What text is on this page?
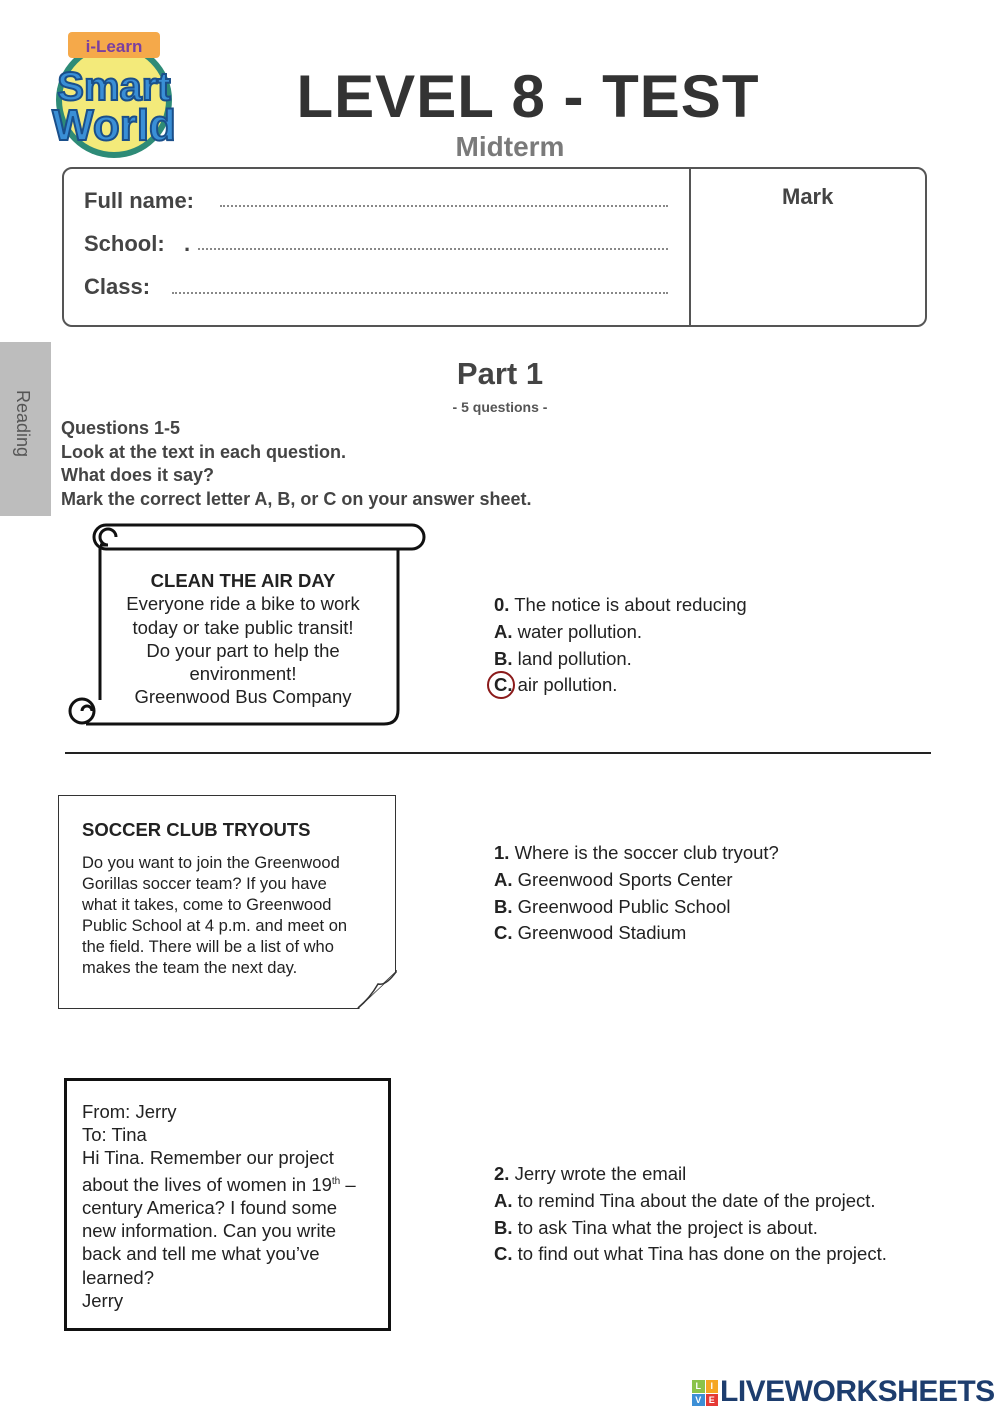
i-Learn
Smart
World	LEVEL 8 - TEST
Midterm
Full name:
School: .
Class:
Mark
Reading
Part 1
- 5 questions -
Questions 1-5
Look at the text in each question.
What does it say?
Mark the correct letter A, B, or C on your answer sheet.
CLEAN THE AIR DAY
Everyone ride a bike to work
today or take public transit!
Do your part to help the
environment!
Greenwood Bus Company
0. The notice is about reducing
A. water pollution.
B. land pollution.
C. air pollution.
SOCCER CLUB TRYOUTS
Do you want to join the Greenwood
Gorillas soccer team? If you have
what it takes, come to Greenwood
Public School at 4 p.m. and meet on
the field. There will be a list of who
makes the team the next day.
1. Where is the soccer club tryout?
A. Greenwood Sports Center
B. Greenwood Public School
C. Greenwood Stadium
From: Jerry
To: Tina
Hi Tina. Remember our project
about the lives of women in 19th –
century America? I found some
new information. Can you write
back and tell me what you’ve
learned?
Jerry
2. Jerry wrote the email
A. to remind Tina about the date of the project.
B. to ask Tina what the project is about.
C. to find out what Tina has done on the project.
L	I
V E LIVEWORKSHEETS
